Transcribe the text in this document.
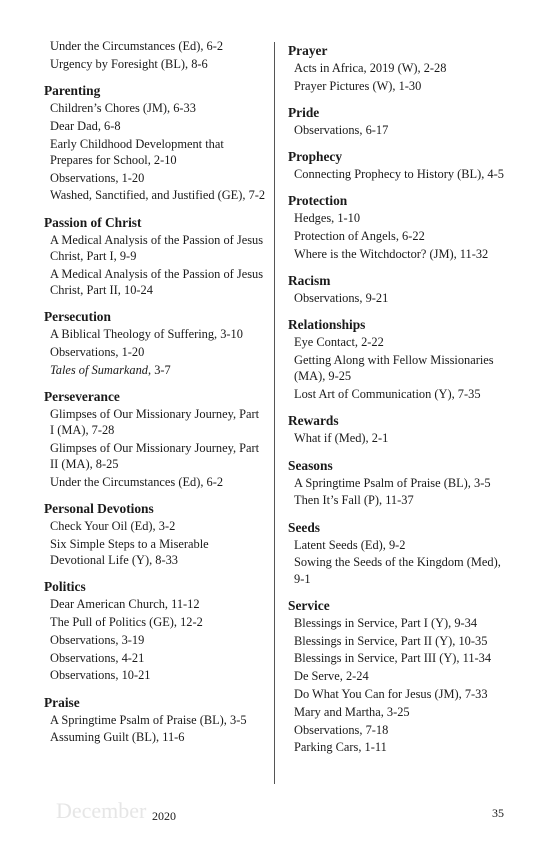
Under the Circumstances (Ed), 6-2
Urgency by Foresight (BL), 8-6
Parenting
Children’s Chores (JM), 6-33
Dear Dad, 6-8
Early Childhood Development that Prepares for School, 2-10
Observations, 1-20
Washed, Sanctified, and Justified (GE), 7-2
Passion of Christ
A Medical Analysis of the Passion of Jesus Christ, Part I, 9-9
A Medical Analysis of the Passion of Jesus Christ, Part II, 10-24
Persecution
A Biblical Theology of Suffering, 3-10
Observations, 1-20
Tales of Sumarkand, 3-7
Perseverance
Glimpses of Our Missionary Journey, Part I (MA), 7-28
Glimpses of Our Missionary Journey, Part II (MA), 8-25
Under the Circumstances (Ed), 6-2
Personal Devotions
Check Your Oil (Ed), 3-2
Six Simple Steps to a Miserable Devotional Life (Y), 8-33
Politics
Dear American Church, 11-12
The Pull of Politics (GE), 12-2
Observations, 3-19
Observations, 4-21
Observations, 10-21
Praise
A Springtime Psalm of Praise (BL), 3-5
Assuming Guilt (BL), 11-6
Prayer
Acts in Africa, 2019 (W), 2-28
Prayer Pictures (W), 1-30
Pride
Observations, 6-17
Prophecy
Connecting Prophecy to History (BL), 4-5
Protection
Hedges, 1-10
Protection of Angels, 6-22
Where is the Witchdoctor? (JM), 11-32
Racism
Observations, 9-21
Relationships
Eye Contact, 2-22
Getting Along with Fellow Missionaries (MA), 9-25
Lost Art of Communication (Y), 7-35
Rewards
What if (Med), 2-1
Seasons
A Springtime Psalm of Praise (BL), 3-5
Then It’s Fall (P), 11-37
Seeds
Latent Seeds (Ed), 9-2
Sowing the Seeds of the Kingdom (Med), 9-1
Service
Blessings in Service, Part I (Y), 9-34
Blessings in Service, Part II (Y), 10-35
Blessings in Service, Part III (Y), 11-34
De Serve, 2-24
Do What You Can for Jesus (JM), 7-33
Mary and Martha, 3-25
Observations, 7-18
Parking Cars, 1-11
December 2020	35
